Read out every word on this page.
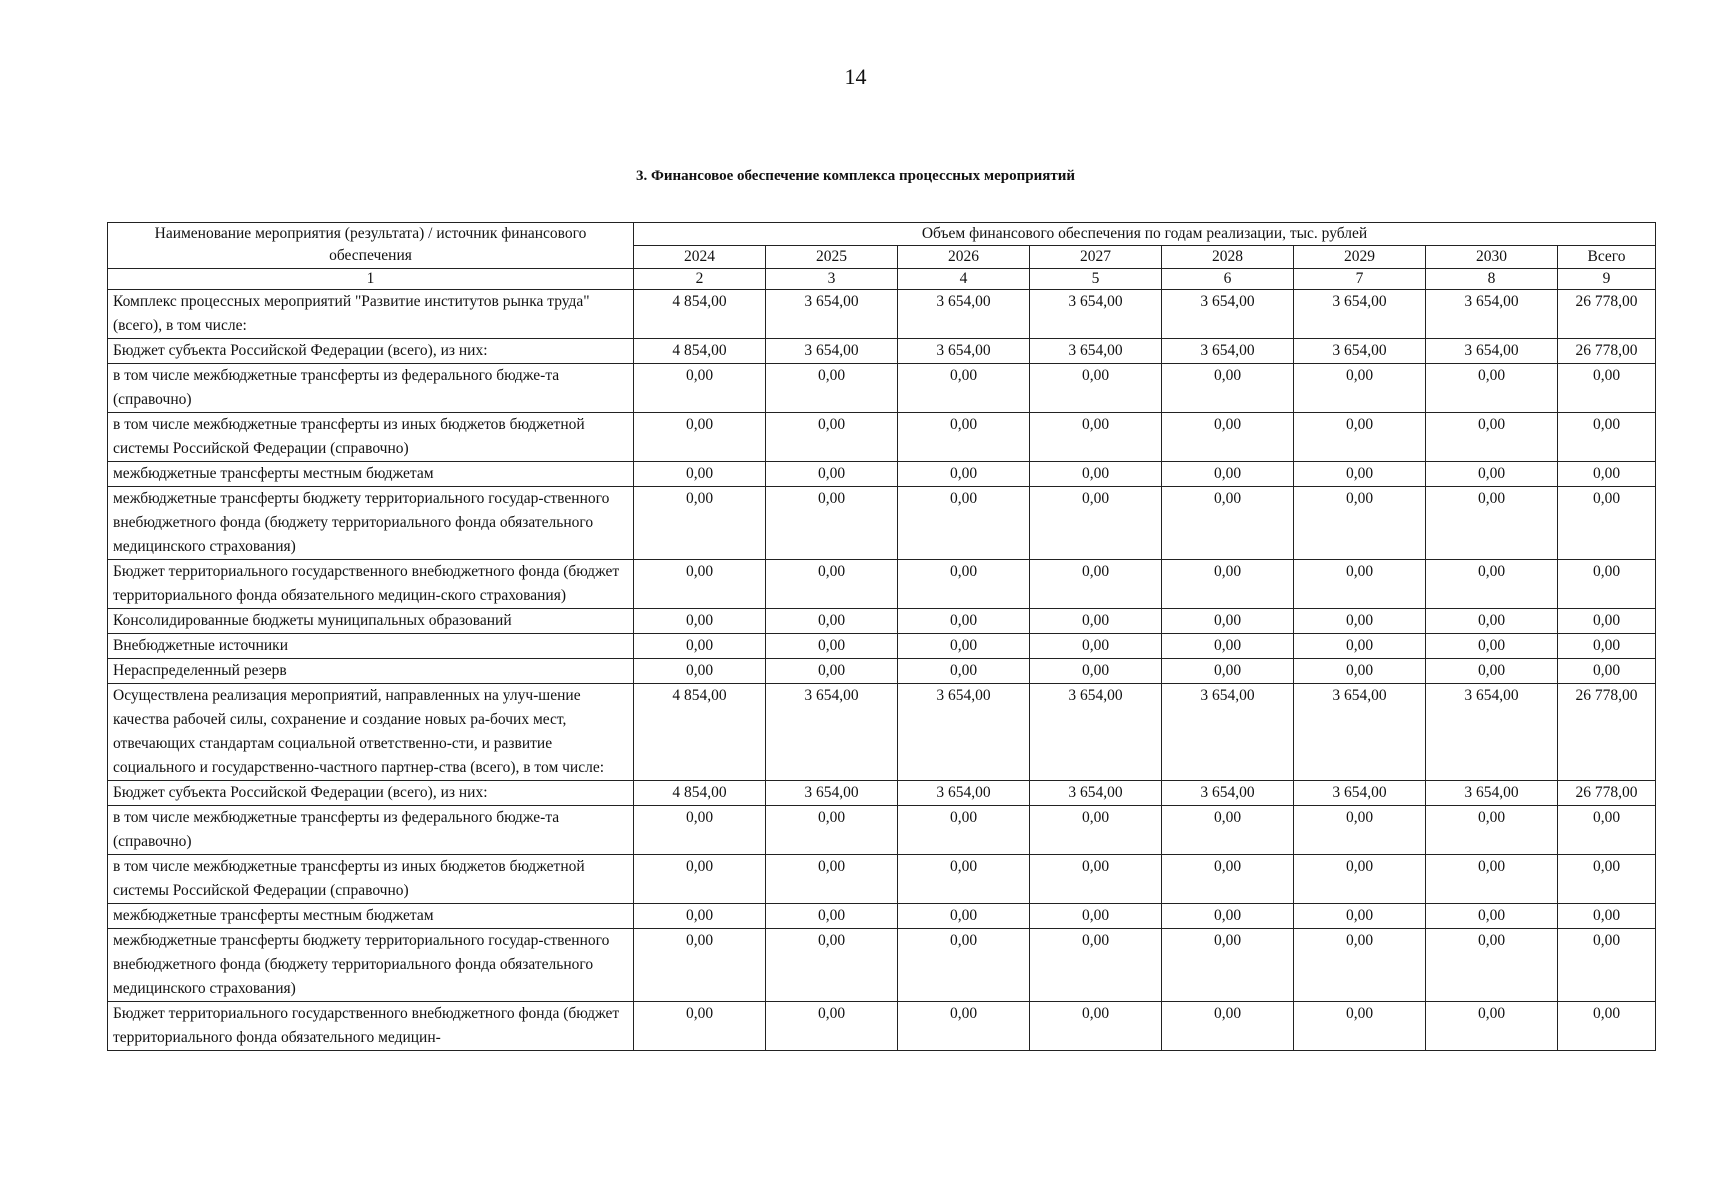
14
3. Финансовое обеспечение комплекса процессных мероприятий
Наименование мероприятия (результата) / источник финансового обеспечения	Объем финансового обеспечения по годам реализации, тыс. рублей							
	2024	2025	2026	2027	2028	2029	2030	Всего
1	2	3	4	5	6	7	8	9
Комплекс процессных мероприятий "Развитие институтов рынка труда" (всего), в том числе:	4 854,00	3 654,00	3 654,00	3 654,00	3 654,00	3 654,00	3 654,00	26 778,00
Бюджет субъекта Российской Федерации (всего), из них:	4 854,00	3 654,00	3 654,00	3 654,00	3 654,00	3 654,00	3 654,00	26 778,00
в том числе межбюджетные трансферты из федерального бюдже-та (справочно)	0,00	0,00	0,00	0,00	0,00	0,00	0,00	0,00
в том числе межбюджетные трансферты из иных бюджетов бюджетной системы Российской Федерации (справочно)	0,00	0,00	0,00	0,00	0,00	0,00	0,00	0,00
межбюджетные трансферты местным бюджетам	0,00	0,00	0,00	0,00	0,00	0,00	0,00	0,00
межбюджетные трансферты бюджету территориального государ-ственного внебюджетного фонда (бюджету территориального фонда обязательного медицинского страхования)	0,00	0,00	0,00	0,00	0,00	0,00	0,00	0,00
Бюджет территориального государственного внебюджетного фонда (бюджет территориального фонда обязательного медицин-ского страхования)	0,00	0,00	0,00	0,00	0,00	0,00	0,00	0,00
Консолидированные бюджеты муниципальных образований	0,00	0,00	0,00	0,00	0,00	0,00	0,00	0,00
Внебюджетные источники	0,00	0,00	0,00	0,00	0,00	0,00	0,00	0,00
Нераспределенный резерв	0,00	0,00	0,00	0,00	0,00	0,00	0,00	0,00
Осуществлена реализация мероприятий, направленных на улуч-шение качества рабочей силы, сохранение и создание новых ра-бочих мест, отвечающих стандартам социальной ответственно-сти, и развитие социального и государственно-частного партнер-ства (всего), в том числе:	4 854,00	3 654,00	3 654,00	3 654,00	3 654,00	3 654,00	3 654,00	26 778,00
Бюджет субъекта Российской Федерации (всего), из них:	4 854,00	3 654,00	3 654,00	3 654,00	3 654,00	3 654,00	3 654,00	26 778,00
в том числе межбюджетные трансферты из федерального бюдже-та (справочно)	0,00	0,00	0,00	0,00	0,00	0,00	0,00	0,00
в том числе межбюджетные трансферты из иных бюджетов бюджетной системы Российской Федерации (справочно)	0,00	0,00	0,00	0,00	0,00	0,00	0,00	0,00
межбюджетные трансферты местным бюджетам	0,00	0,00	0,00	0,00	0,00	0,00	0,00	0,00
межбюджетные трансферты бюджету территориального государ-ственного внебюджетного фонда (бюджету территориального фонда обязательного медицинского страхования)	0,00	0,00	0,00	0,00	0,00	0,00	0,00	0,00
Бюджет территориального государственного внебюджетного фонда (бюджет территориального фонда обязательного медицин-	0,00	0,00	0,00	0,00	0,00	0,00	0,00	0,00
